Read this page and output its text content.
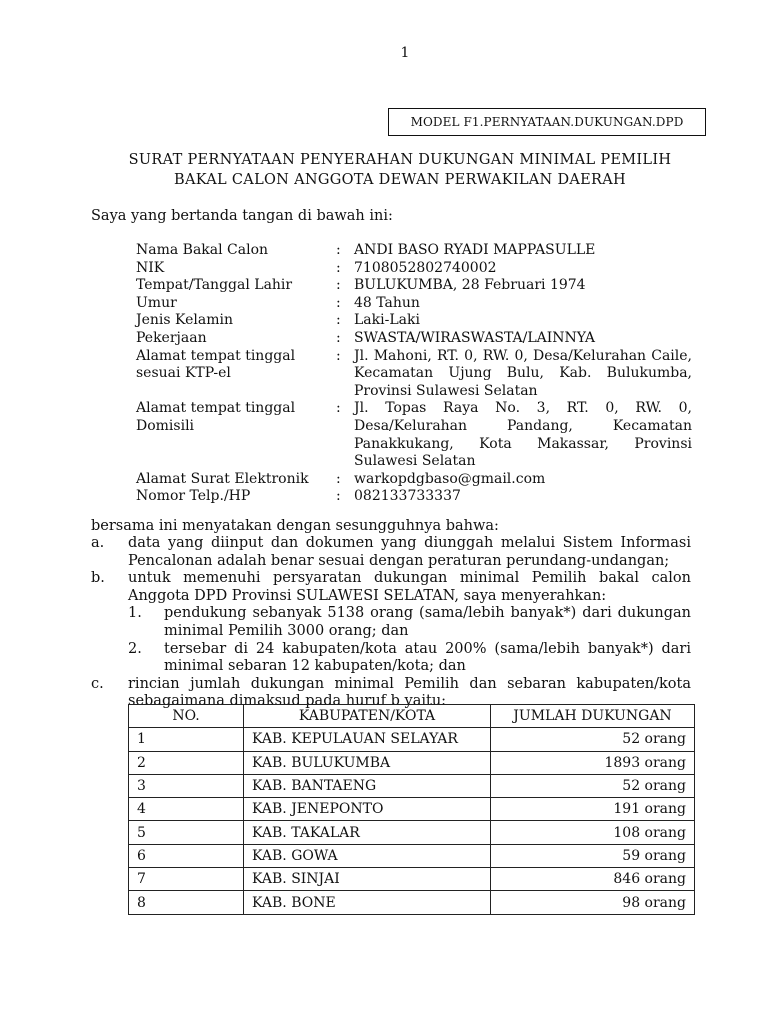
1
MODEL F1.PERNYATAAN.DUKUNGAN.DPD
SURAT PERNYATAAN PENYERAHAN DUKUNGAN MINIMAL PEMILIH
BAKAL CALON ANGGOTA DEWAN PERWAKILAN DAERAH
Saya yang bertanda tangan di bawah ini:
Nama Bakal Calon	: ANDI BASO RYADI MAPPASULLE
NIK	: 7108052802740002
Tempat/Tanggal Lahir	: BULUKUMBA, 28 Februari 1974
Umur	: 48 Tahun
Jenis Kelamin	: Laki-Laki
Pekerjaan	: SWASTA/WIRASWASTA/LAINNYA
Alamat tempat tinggal sesuai KTP-el
: Jl. Mahoni, RT. 0, RW. 0, Desa/Kelurahan Caile, Kecamatan Ujung Bulu, Kab. Bulukumba, Provinsi Sulawesi Selatan
Alamat tempat tinggal Domisili
: Jl. Topas Raya No. 3, RT. 0, RW. 0, Desa/Kelurahan Pandang, Kecamatan Panakkukang, Kota Makassar, Provinsi Sulawesi Selatan
Alamat Surat Elektronik	: warkopdgbaso@gmail.com
Nomor Telp./HP	: 082133733337
bersama ini menyatakan dengan sesungguhnya bahwa:
a.	data yang diinput dan dokumen yang diunggah melalui Sistem Informasi Pencalonan adalah benar sesuai dengan peraturan perundang-undangan;
b.	untuk memenuhi persyaratan dukungan minimal Pemilih bakal calon Anggota DPD Provinsi SULAWESI SELATAN, saya menyerahkan:
1.	pendukung sebanyak 5138 orang (sama/lebih banyak*) dari dukungan minimal Pemilih 3000 orang; dan
2.	tersebar di 24 kabupaten/kota atau 200% (sama/lebih banyak*) dari minimal sebaran 12 kabupaten/kota; dan
c.	rincian jumlah dukungan minimal Pemilih dan sebaran kabupaten/kota sebagaimana dimaksud pada huruf b yaitu:
NO.	KABUPATEN/KOTA	JUMLAH DUKUNGAN
1	KAB. KEPULAUAN SELAYAR	52 orang
2	KAB. BULUKUMBA	1893 orang
3	KAB. BANTAENG	52 orang
4	KAB. JENEPONTO	191 orang
5	KAB. TAKALAR	108 orang
6	KAB. GOWA	59 orang
7	KAB. SINJAI	846 orang
8	KAB. BONE	98 orang
